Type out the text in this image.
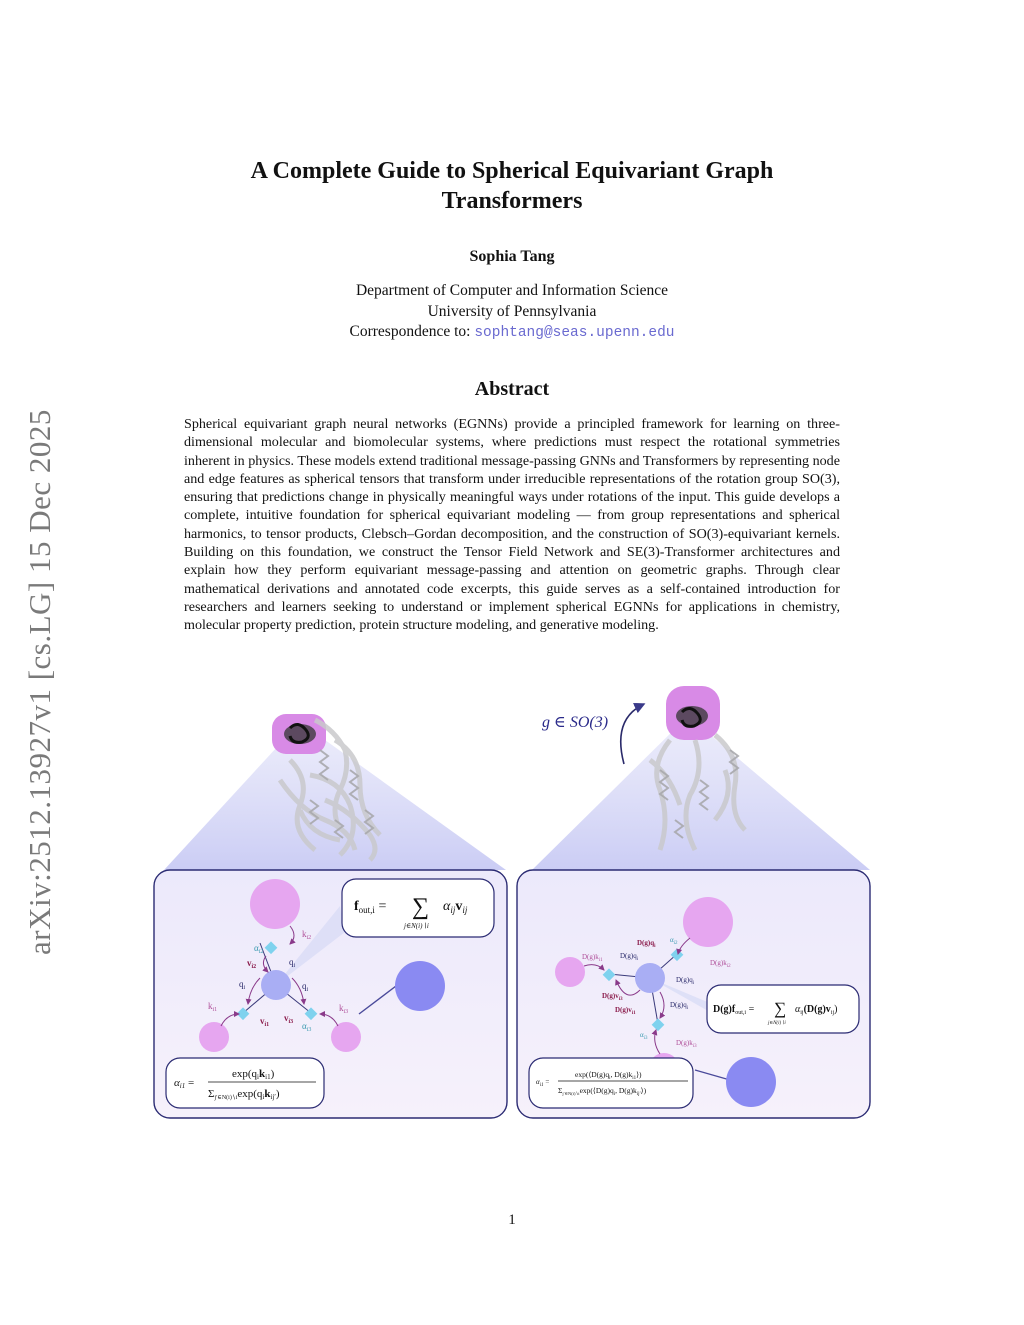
arXiv:2512.13927v1 [cs.LG] 15 Dec 2025
A Complete Guide to Spherical Equivariant Graph
Transformers
Sophia Tang
Department of Computer and Information Science
University of Pennsylvania
Correspondence to: sophtang@seas.upenn.edu
Abstract
Spherical equivariant graph neural networks (EGNNs) provide a principled framework for learning on three-dimensional molecular and biomolecular systems, where predictions must respect the rotational symmetries inherent in physics. These models extend traditional message-passing GNNs and Transformers by representing node and edge features as spherical tensors that transform under irreducible representations of the rotation group SO(3), ensuring that predictions change in physically meaningful ways under rotations of the input. This guide develops a complete, intuitive foundation for spherical equivariant modeling — from group representations and spherical harmonics, to tensor products, Clebsch–Gordan decomposition, and the construction of SO(3)-equivariant kernels. Building on this foundation, we construct the Tensor Field Network and SE(3)-Transformer architectures and explain how they perform equivariant message-passing and attention on geometric graphs. Through clear mathematical derivations and annotated code excerpts, this guide serves as a self-contained introduction for researchers and learners seeking to understand or implement spherical EGNNs for applications in chemistry, molecular property prediction, protein structure modeling, and generative modeling.
g ∈ SO(3)
$k_{i2}$
$k_{i1}$	$k_{i3}$
$\alpha_{i2}$
$\alpha_{i3}$
$v_{i2}$
$v_{i1}$
$v_{i3}$
$q_i$
$q_i$	$q_i$
$f_{out,i}$ = ∑
j∈N(i)∖i
$\alpha_{ij}v_{ij}$
αi1 =
exp(qiki1)
Σj′∈N(i)∖iexp(qikij′)
$D(g)k_{i1}$	$D(g)k_{i2}$
$D(g)k_{i3}$
$\alpha_{i2}$
$\alpha_{i3}$
$D(g)q_i$
$D(g)v_{i3}$
$D(g)v_{i1}$
$D(g)q_i$
$D(g)q_i$
$D(g)q_i$ $D(g)f_{out,i}$ = ∑
j∈N(i)∖i
$\alpha_{ij}(D(g)v_{ij})$
$\alpha_{i1}$ =
$\exp(⟨D(g)q_i$, $D(g)k_{i1}⟩$)
$\Sigma_{j'\in N(i)∖i}\exp(⟨D(g)q_i$, $D(g)k_{ij'}⟩$)
1
